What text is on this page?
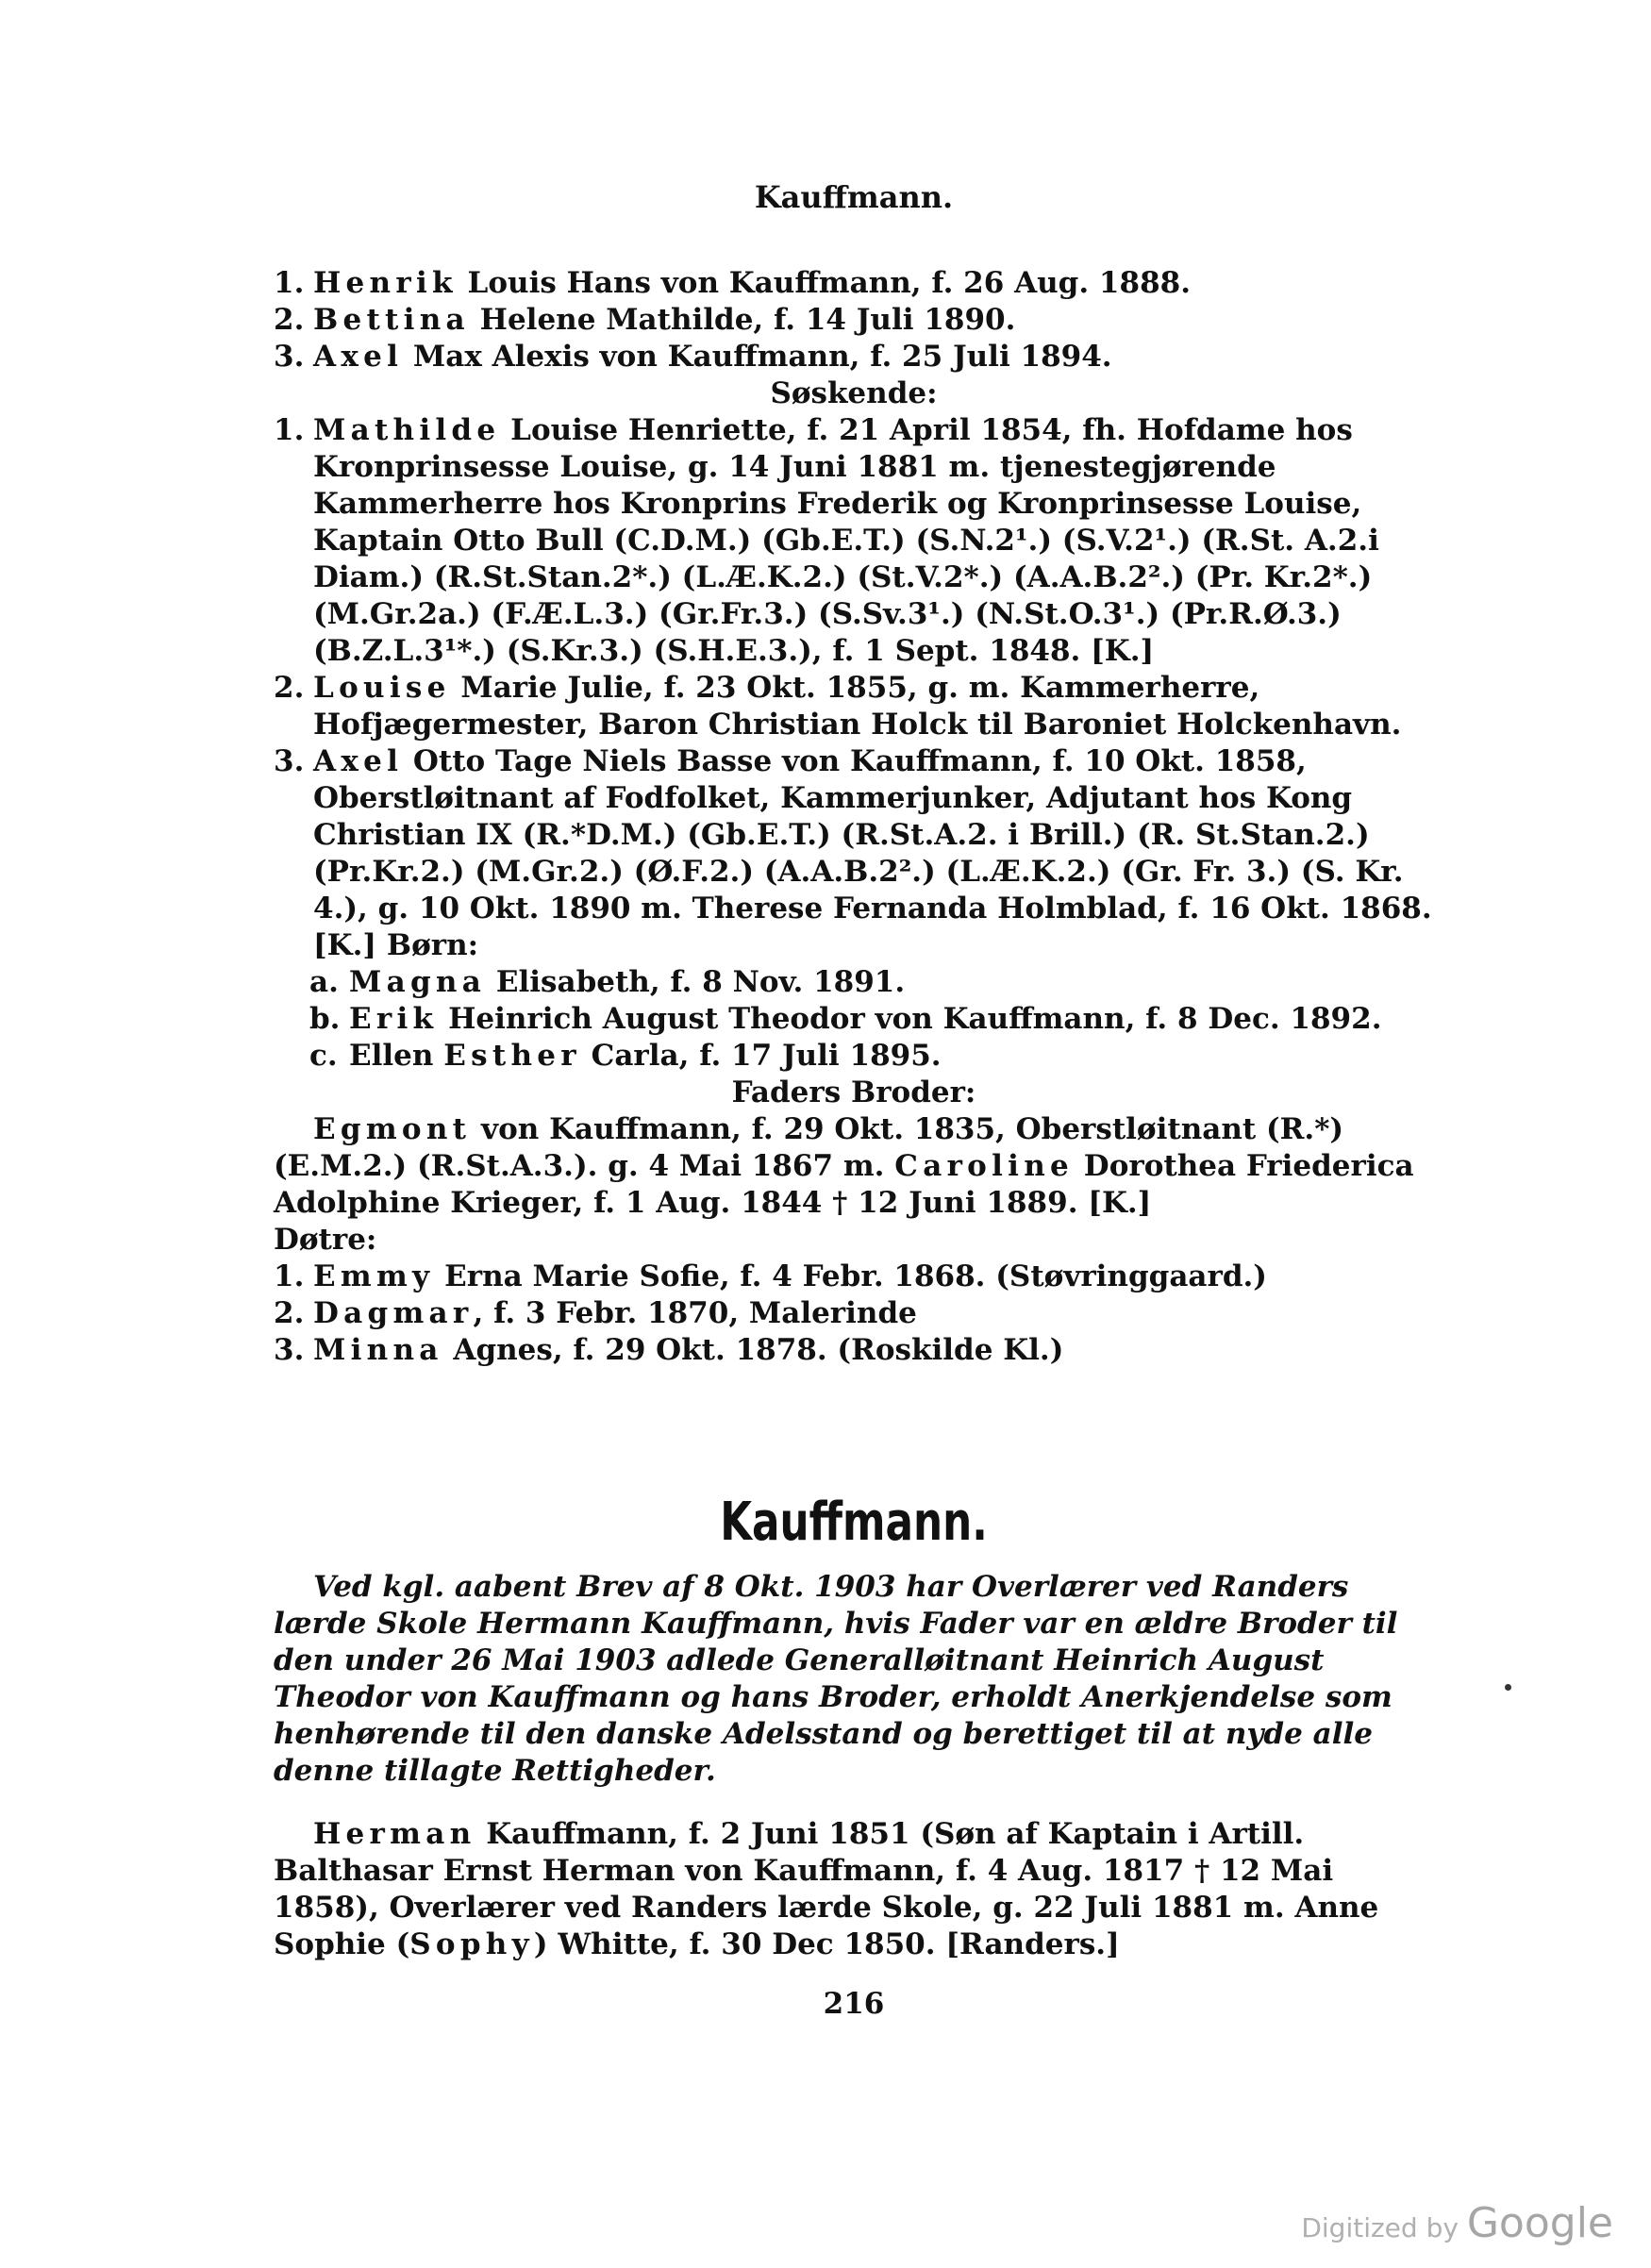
Kauffmann.
1. Henrik Louis Hans von Kauffmann, f. 26 Aug. 1888.
2. Bettina Helene Mathilde, f. 14 Juli 1890.
3. Axel Max Alexis von Kauffmann, f. 25 Juli 1894.
Søskende:
1. Mathilde Louise Henriette, f. 21 April 1854, fh. Hofdame hos Kronprinsesse Louise, g. 14 Juni 1881 m. tjenestegjørende Kammerherre hos Kronprins Frederik og Kronprinsesse Louise, Kaptain Otto Bull (C.D.M.) (Gb.E.T.) (S.N.2¹.) (S.V.2¹.) (R.St. A.2.i Diam.) (R.St.Stan.2*.) (L.Æ.K.2.) (St.V.2*.) (A.A.B.2².) (Pr. Kr.2*.) (M.Gr.2a.) (F.Æ.L.3.) (Gr.Fr.3.) (S.Sv.3¹.) (N.St.O.3¹.) (Pr.R.Ø.3.) (B.Z.L.3¹*.) (S.Kr.3.) (S.H.E.3.), f. 1 Sept. 1848. [K.]
2. Louise Marie Julie, f. 23 Okt. 1855, g. m. Kammerherre, Hofjægermester, Baron Christian Holck til Baroniet Holckenhavn.
3. Axel Otto Tage Niels Basse von Kauffmann, f. 10 Okt. 1858, Oberstløitnant af Fodfolket, Kammerjunker, Adjutant hos Kong Christian IX (R.*D.M.) (Gb.E.T.) (R.St.A.2. i Brill.) (R. St.Stan.2.) (Pr.Kr.2.) (M.Gr.2.) (Ø.F.2.) (A.A.B.2².) (L.Æ.K.2.) (Gr. Fr. 3.) (S. Kr. 4.), g. 10 Okt. 1890 m. Therese Fernanda Holmblad, f. 16 Okt. 1868. [K.] Børn:
a. Magna Elisabeth, f. 8 Nov. 1891.
b. Erik Heinrich August Theodor von Kauffmann, f. 8 Dec. 1892.
c. Ellen Esther Carla, f. 17 Juli 1895.
Faders Broder:
Egmont von Kauffmann, f. 29 Okt. 1835, Oberstløitnant (R.*) (E.M.2.) (R.St.A.3.). g. 4 Mai 1867 m. Caroline Dorothea Friederica Adolphine Krieger, f. 1 Aug. 1844 † 12 Juni 1889. [K.]
Døtre:
1. Emmy Erna Marie Sofie, f. 4 Febr. 1868. (Støvringgaard.)
2. Dagmar, f. 3 Febr. 1870, Malerinde
3. Minna Agnes, f. 29 Okt. 1878. (Roskilde Kl.)
Kauffmann.
Ved kgl. aabent Brev af 8 Okt. 1903 har Overlærer ved Randers lærde Skole Hermann Kauffmann, hvis Fader var en ældre Broder til den under 26 Mai 1903 adlede Generalløitnant Heinrich August Theodor von Kauffmann og hans Broder, erholdt Anerkjendelse som henhørende til den danske Adelsstand og berettiget til at nyde alle denne tillagte Rettigheder.
Herman Kauffmann, f. 2 Juni 1851 (Søn af Kaptain i Artill. Balthasar Ernst Herman von Kauffmann, f. 4 Aug. 1817 † 12 Mai 1858), Overlærer ved Randers lærde Skole, g. 22 Juli 1881 m. Anne Sophie (Sophy) Whitte, f. 30 Dec 1850. [Randers.]
216
Digitized by Google
